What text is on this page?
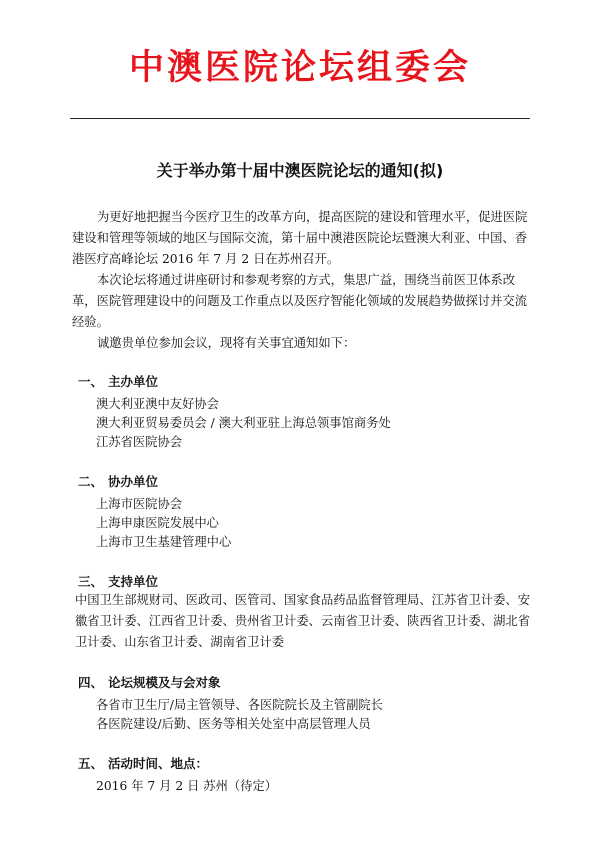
中澳医院论坛组委会
关于举办第十届中澳医院论坛的通知(拟)
为更好地把握当今医疗卫生的改革方向，提高医院的建设和管理水平，促进医院建设和管理等领域的地区与国际交流，第十届中澳港医院论坛暨澳大利亚、中国、香港医疗高峰论坛 2016 年 7 月 2 日在苏州召开。
本次论坛将通过讲座研讨和参观考察的方式，集思广益，围绕当前医卫体系改革，医院管理建设中的问题及工作重点以及医疗智能化领域的发展趋势做探讨并交流经验。
诚邀贵单位参加会议，现将有关事宜通知如下：
一、 主办单位
澳大利亚澳中友好协会
澳大利亚贸易委员会 / 澳大利亚驻上海总领事馆商务处
江苏省医院协会
二、 协办单位
上海市医院协会
上海申康医院发展中心
上海市卫生基建管理中心
三、 支持单位
中国卫生部规财司、医政司、医管司、国家食品药品监督管理局、江苏省卫计委、安徽省卫计委、江西省卫计委、贵州省卫计委、云南省卫计委、陕西省卫计委、湖北省卫计委、山东省卫计委、湖南省卫计委
四、 论坛规模及与会对象
各省市卫生厅/局主管领导、各医院院长及主管副院长
各医院建设/后勤、医务等相关处室中高层管理人员
五、 活动时间、地点：
2016 年 7 月 2 日 苏州（待定）
